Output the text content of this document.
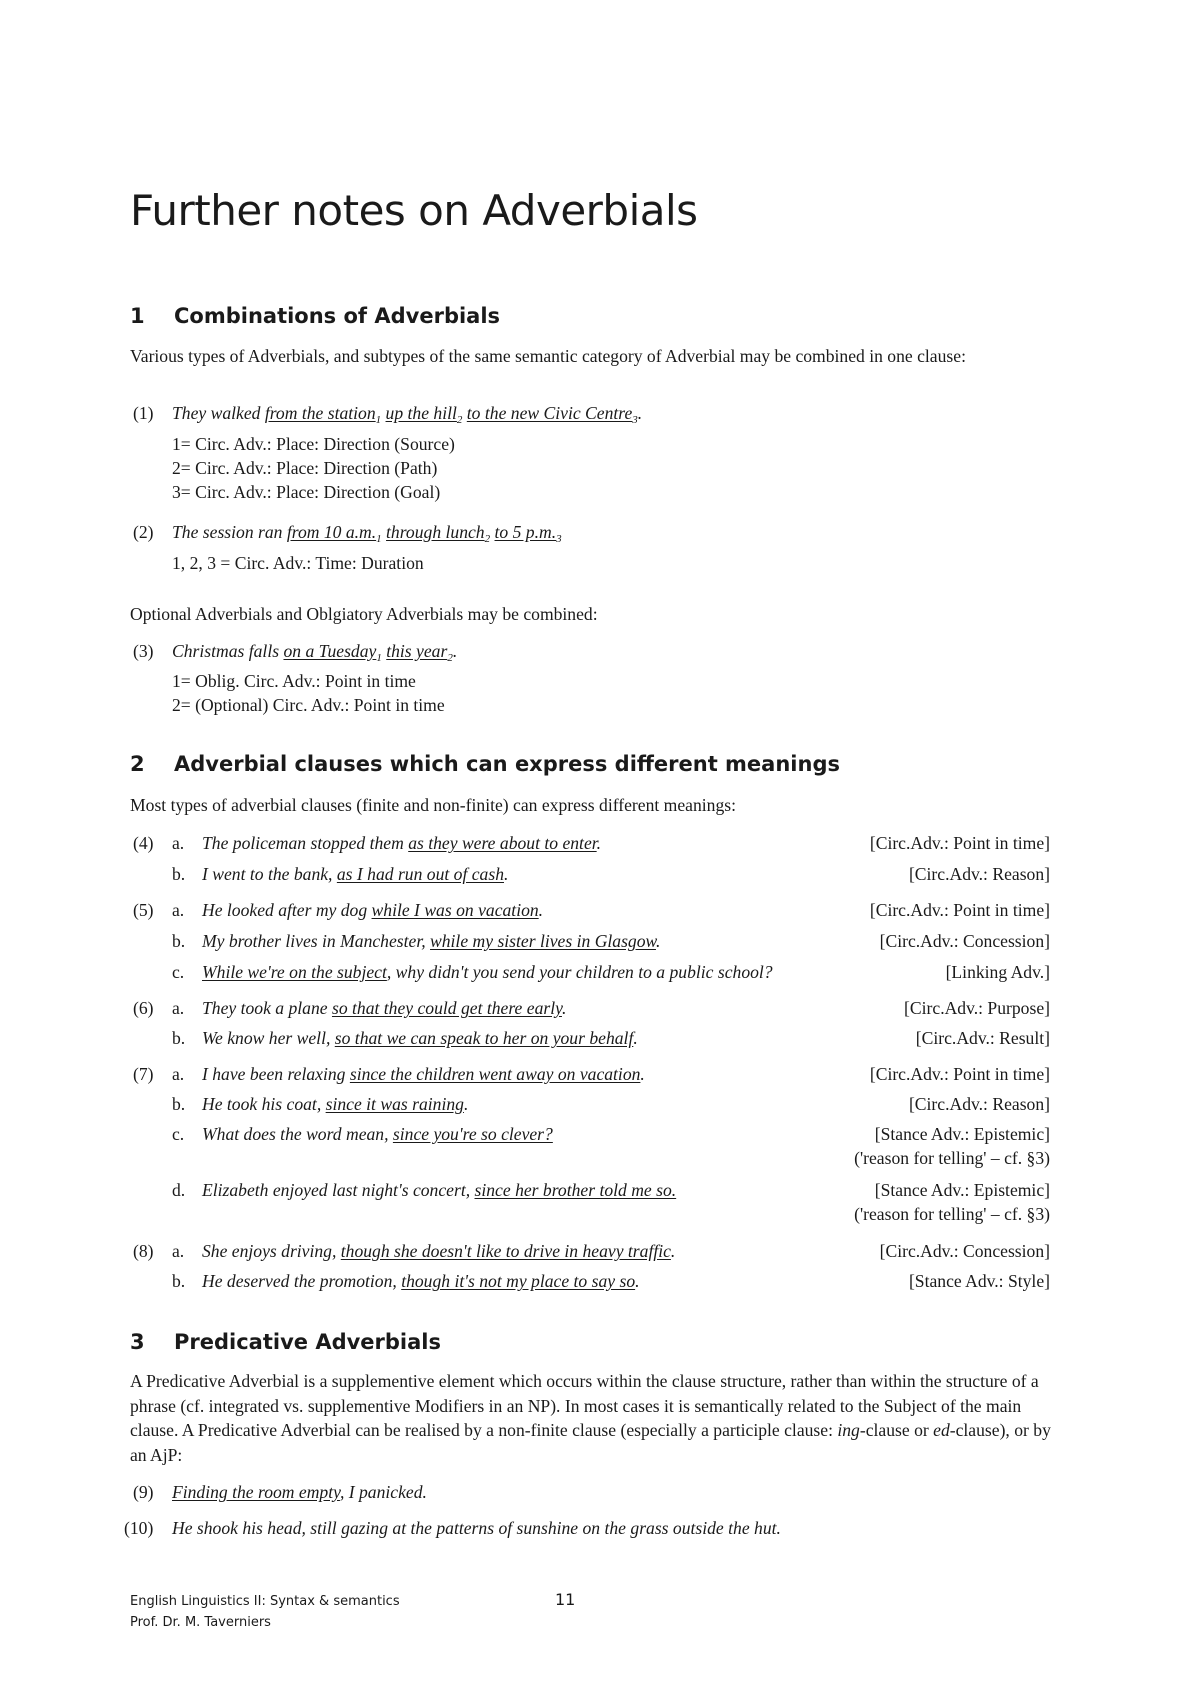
Further notes on Adverbials
1 Combinations of Adverbials
Various types of Adverbials, and subtypes of the same semantic category of Adverbial may be combined in one clause:
(1) They walked from the station$_1$ up the hill$_2$ to the new Civic Centre$_3$.
1= Circ. Adv.: Place: Direction (Source)
2= Circ. Adv.: Place: Direction (Path)
3= Circ. Adv.: Place: Direction (Goal)
(2) The session ran from 10 $a.m._1$ through lunch$_2$ to 5 $p.m._3$
1, 2, 3 = Circ. Adv.: Time: Duration
Optional Adverbials and Oblgiatory Adverbials may be combined:
(3) Christmas falls on a Tuesday$_1$ this year$_2$.
1= Oblig. Circ. Adv.: Point in time
2= (Optional) Circ. Adv.: Point in time
2 Adverbial clauses which can express different meanings
Most types of adverbial clauses (finite and non-finite) can express different meanings:
(4) a. The policeman stopped them as they were about to enter.	[Circ.Adv.: Point in time]
b. I went to the bank, as I had run out of cash.	[Circ.Adv.: Reason]
(5) a. He looked after my dog while I was on vacation.	[Circ.Adv.: Point in time]
b. My brother lives in Manchester, while my sister lives in Glasgow.	[Circ.Adv.: Concession]
c. While we're on the subject, why didn't you send your children to a public school?	[Linking Adv.]
(6) a. They took a plane so that they could get there early.	[Circ.Adv.: Purpose]
b. We know her well, so that we can speak to her on your behalf.	[Circ.Adv.: Result]
(7) a. I have been relaxing since the children went away on vacation.	[Circ.Adv.: Point in time]
b. He took his coat, since it was raining.	[Circ.Adv.: Reason]
c. What does the word mean, since you're so clever?	[Stance Adv.: Epistemic]
('reason for telling' – cf. §3)
d. Elizabeth enjoyed last night's concert, since her brother told me so.	[Stance Adv.: Epistemic]
('reason for telling' – cf. §3)
(8) a. She enjoys driving, though she doesn't like to drive in heavy traffic.	[Circ.Adv.: Concession]
b. He deserved the promotion, though it's not my place to say so.	[Stance Adv.: Style]
3 Predicative Adverbials
A Predicative Adverbial is a supplementive element which occurs within the clause structure, rather than within the structure of a phrase (cf. integrated vs. supplementive Modifiers in an NP). In most cases it is semantically related to the Subject of the main clause. A Predicative Adverbial can be realised by a non-finite clause (especially a participle clause: ing-clause or ed-clause), or by an AjP:
(9) Finding the room empty, I panicked.
(10) He shook his head, still gazing at the patterns of sunshine on the grass outside the hut.
English Linguistics II: Syntax & semantics
Prof. Dr. M. Taverniers
11
